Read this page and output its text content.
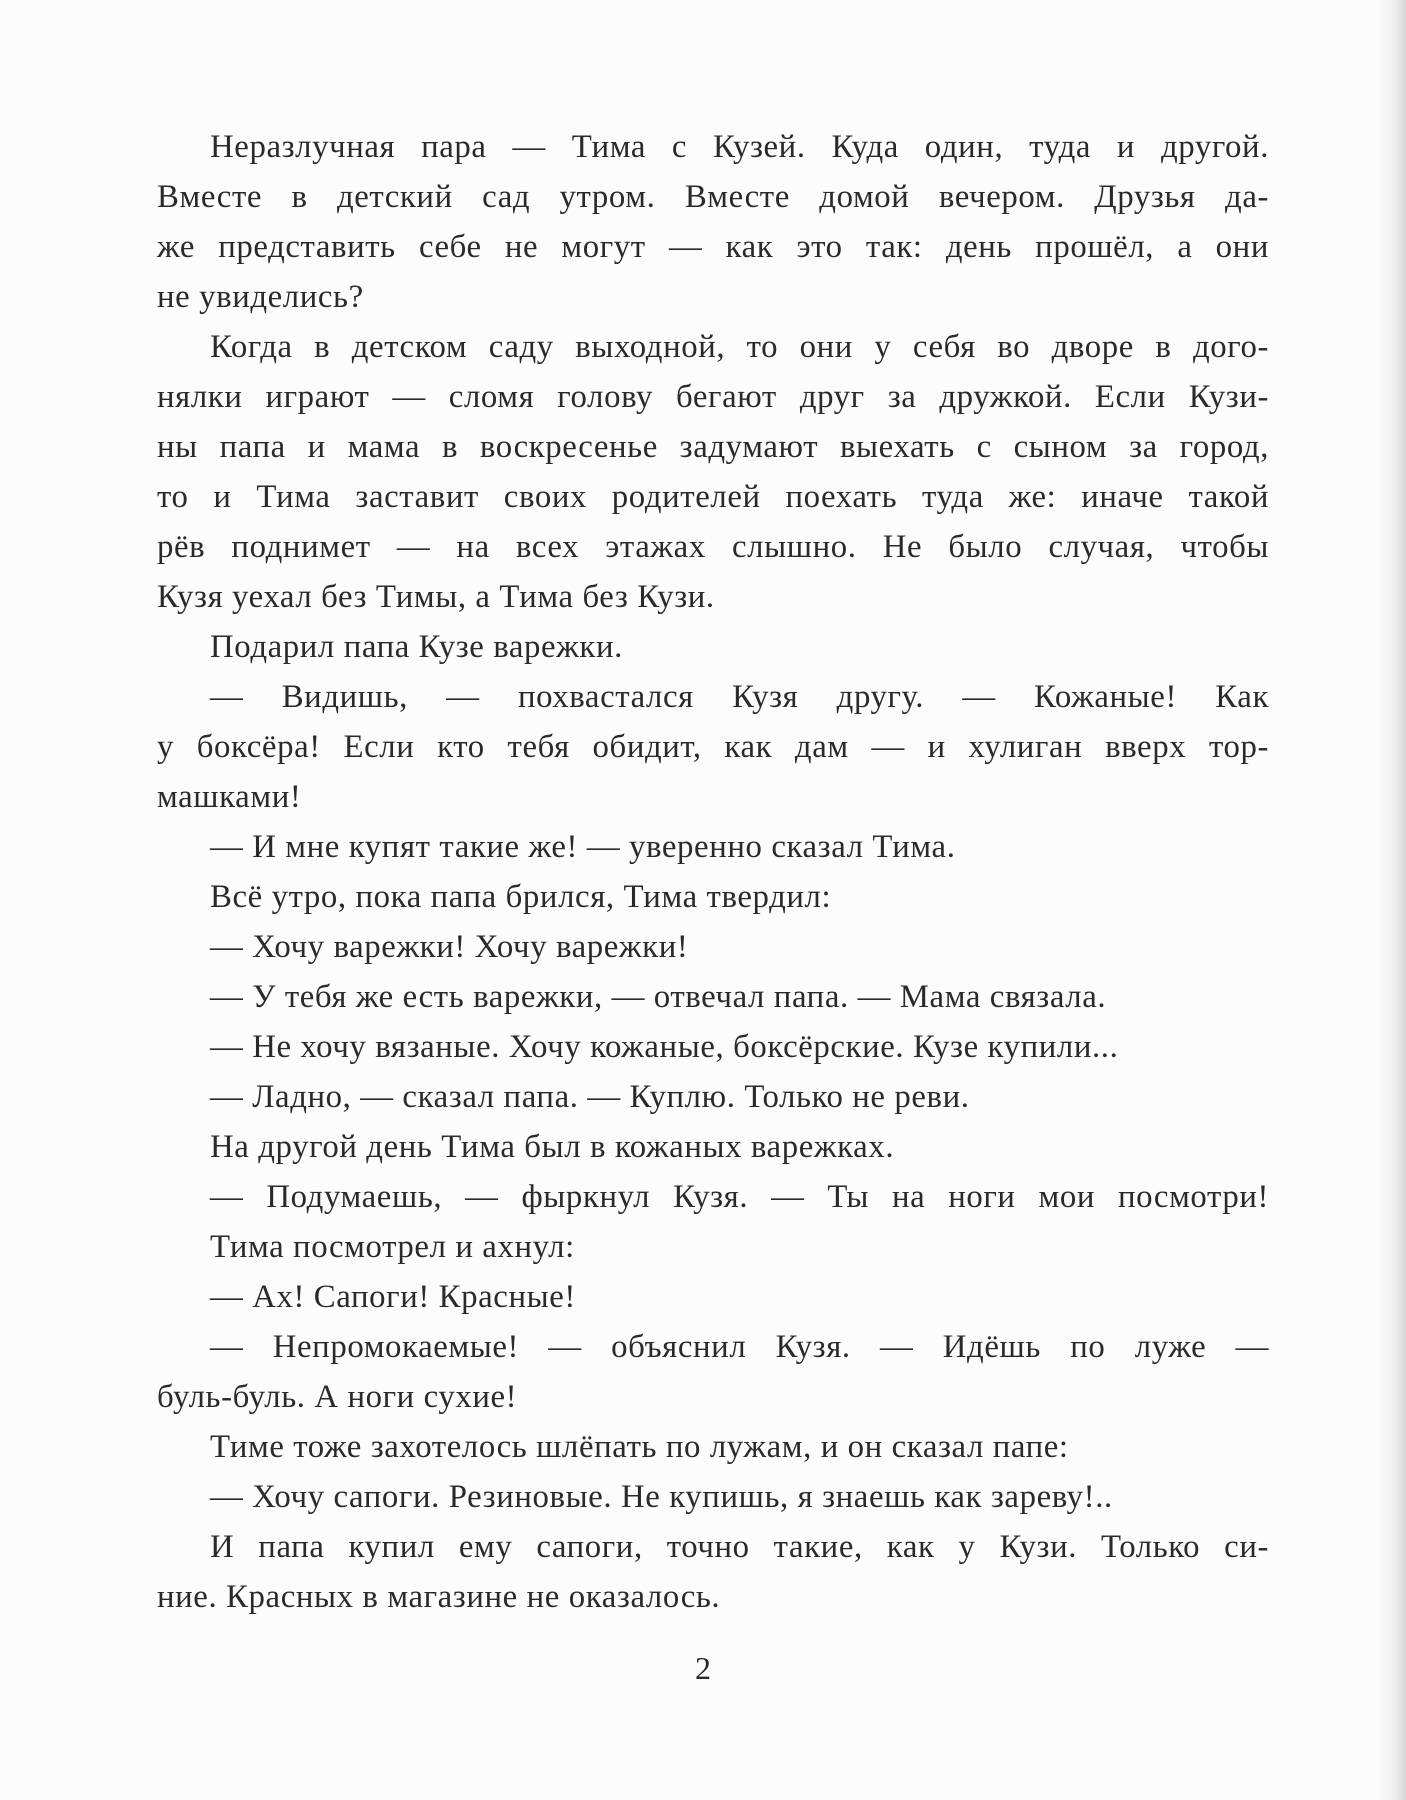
Неразлучная пара — Тима с Кузей. Куда один, туда и другой.
Вместе в детский сад утром. Вместе домой вечером. Друзья да-
же представить себе не могут — как это так: день прошёл, а они
не увиделись?
Когда в детском саду выходной, то они у себя во дворе в дого-
нялки играют — сломя голову бегают друг за дружкой. Если Кузи-
ны папа и мама в воскресенье задумают выехать с сыном за город,
то и Тима заставит своих родителей поехать туда же: иначе такой
рёв поднимет — на всех этажах слышно. Не было случая, чтобы
Кузя уехал без Тимы, а Тима без Кузи.
Подарил папа Кузе варежки.
— Видишь, — похвастался Кузя другу. — Кожаные! Как
у боксёра! Если кто тебя обидит, как дам — и хулиган вверх тор-
машками!
— И мне купят такие же! — уверенно сказал Тима.
Всё утро, пока папа брился, Тима твердил:
— Хочу варежки! Хочу варежки!
— У тебя же есть варежки, — отвечал папа. — Мама связала.
— Не хочу вязаные. Хочу кожаные, боксёрские. Кузе купили...
— Ладно, — сказал папа. — Куплю. Только не реви.
На другой день Тима был в кожаных варежках.
— Подумаешь, — фыркнул Кузя. — Ты на ноги мои посмотри!
Тима посмотрел и ахнул:
— Ах! Сапоги! Красные!
— Непромокаемые! — объяснил Кузя. — Идёшь по луже —
буль-буль. А ноги сухие!
Тиме тоже захотелось шлёпать по лужам, и он сказал папе:
— Хочу сапоги. Резиновые. Не купишь, я знаешь как зареву!..
И папа купил ему сапоги, точно такие, как у Кузи. Только си-
ние. Красных в магазине не оказалось.
2
